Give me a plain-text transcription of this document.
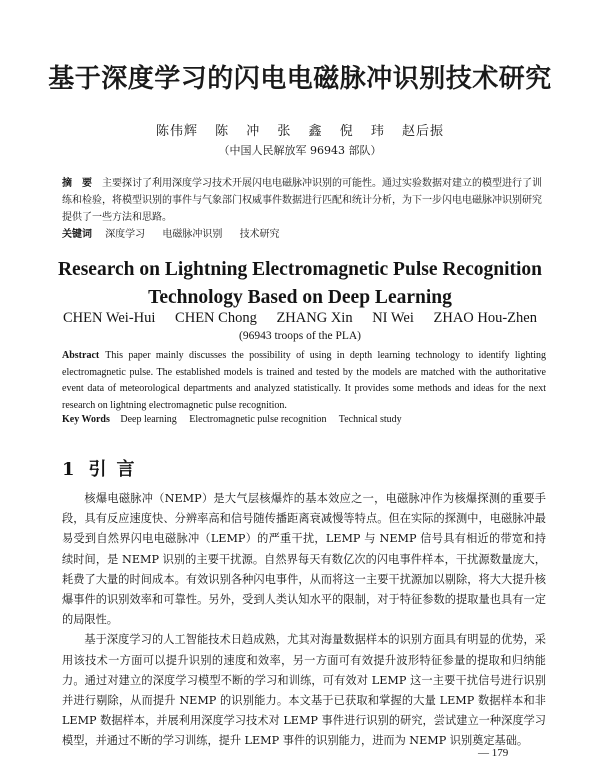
基于深度学习的闪电电磁脉冲识别技术研究
陈伟辉 陈 冲 张 鑫 倪 玮 赵后振
（中国人民解放军 96943 部队）
摘　要 主要探讨了利用深度学习技术开展闪电电磁脉冲识别的可能性。通过实验数据对建立的模型进行了训练和检验，将模型识别的事件与气象部门权威事件数据进行匹配和统计分析，为下一步闪电电磁脉冲识别研究提供了一些方法和思路。
关键词 深度学习 电磁脉冲识别 技术研究
Research on Lightning Electromagnetic Pulse Recognition
Technology Based on Deep Learning
CHEN Wei-Hui CHEN Chong ZHANG Xin NI Wei ZHAO Hou-Zhen
(96943 troops of the PLA)
Abstract This paper mainly discusses the possibility of using in depth learning technology to identify lighting electromagnetic pulse. The established models is trained and tested by the models are matched with the authoritative event data of meteorological departments and analyzed statistically. It provides some methods and ideas for the next research on lightning electromagnetic pulse recognition.
Key Words Deep learning Electromagnetic pulse recognition Technical study
1 引言

核爆电磁脉冲（NEMP）是大气层核爆炸的基本效应之一，电磁脉冲作为核爆探测的重要手段，具有反应速度快、分辨率高和信号随传播距离衰减慢等特点。但在实际的探测中，电磁脉冲最易受到自然界闪电电磁脉冲（LEMP）的严重干扰，LEMP 与 NEMP 信号具有相近的带宽和持续时间，是 NEMP 识别的主要干扰源。自然界每天有数亿次的闪电事件样本，干扰源数量庞大，耗费了大量的时间成本。有效识别各种闪电事件，从而将这一主要干扰源加以剔除，将大大提升核爆事件的识别效率和可靠性。另外，受到人类认知水平的限制，对于特征参数的提取量也具有一定的局限性。

基于深度学习的人工智能技术日趋成熟，尤其对海量数据样本的识别方面具有明显的优势，采用该技术一方面可以提升识别的速度和效率，另一方面可有效提升波形特征参量的提取和归纳能力。通过对建立的深度学习模型不断的学习和训练，可有效对 LEMP 这一主要干扰信号进行识别并进行剔除，从而提升 NEMP 的识别能力。本文基于已获取和掌握的大量 LEMP 数据样本和非 LEMP 数据样本，并展利用深度学习技术对 LEMP 事件进行识别的研究，尝试建立一种深度学习模型，并通过不断的学习训练，提升 LEMP 事件的识别能力，进而为 NEMP 识别奠定基础。

— 179
